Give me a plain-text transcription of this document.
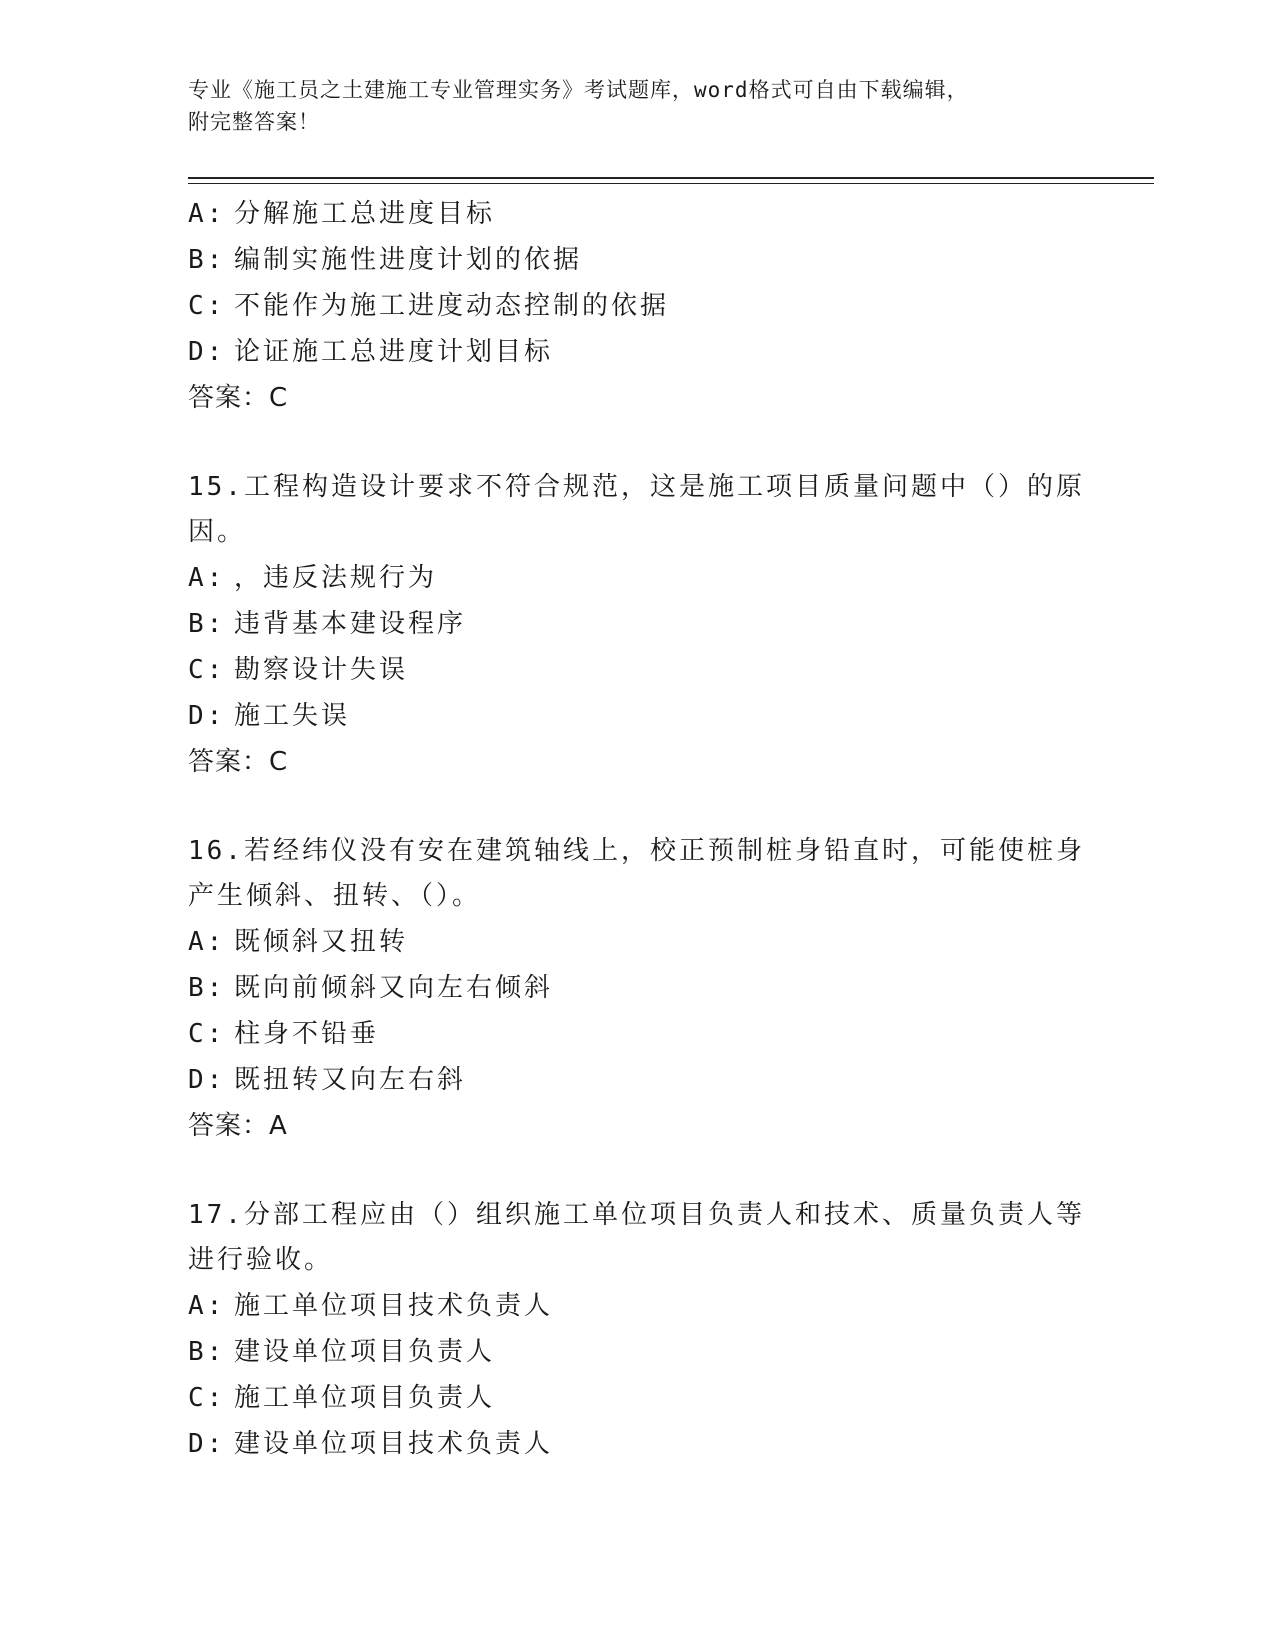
专业《施工员之土建施工专业管理实务》考试题库，word格式可自由下载编辑，
附完整答案！
A: 分解施工总进度目标
B: 编制实施性进度计划的依据
C: 不能作为施工进度动态控制的依据
D: 论证施工总进度计划目标
答案：C
15.工程构造设计要求不符合规范，这是施工项目质量问题中（）的原因。
A: ，违反法规行为
B: 违背基本建设程序
C: 勘察设计失误
D: 施工失误
答案：C
16.若经纬仪没有安在建筑轴线上，校正预制桩身铅直时，可能使桩身产生倾斜、扭转、（）。
A: 既倾斜又扭转
B: 既向前倾斜又向左右倾斜
C: 柱身不铅垂
D: 既扭转又向左右斜
答案：A
17.分部工程应由（）组织施工单位项目负责人和技术、质量负责人等进行验收。
A: 施工单位项目技术负责人
B: 建设单位项目负责人
C: 施工单位项目负责人
D: 建设单位项目技术负责人
